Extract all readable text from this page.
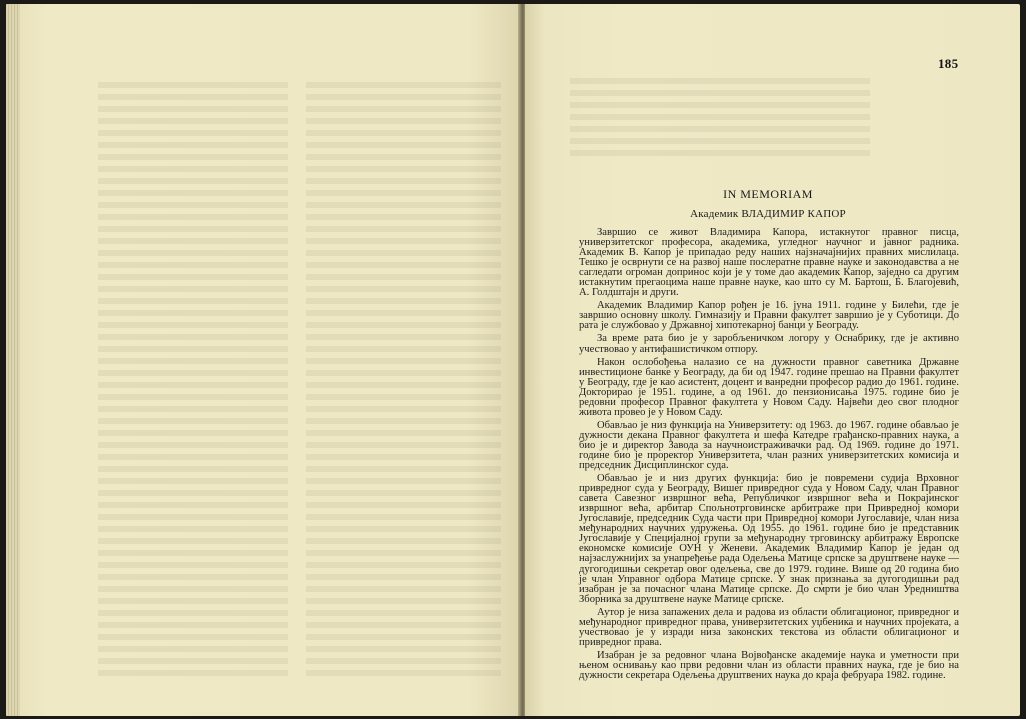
185
IN MEMORIAM
Академик ВЛАДИМИР КАПОР

Завршио се живот Владимира Капора, истакнутог правног писца, универзитетског професора, академика, угледног научног и јавног радника. Академик В. Капор је припадао реду наших најзначајнијих правних мислилаца. Тешко је осврнути се на развој наше послератне правне науке и законодавства а не сагледати огроман допринос који је у томе дао академик Капор, заједно са другим истакнутим прегаоцима наше правне науке, као што су М. Бартош, Б. Благојевић, А. Голдштајн и други.

Академик Владимир Капор рођен је 16. јуна 1911. године у Билећи, где је завршио основну школу. Гимназију и Правни факултет завршио је у Суботици. До рата је службовао у Државној хипотекарној банци у Београду.

За време рата био је у заробљеничком логору у Оснабрику, где је активно учествовао у антифашистичком отпору.

Након ослобођења налазио се на дужности правног саветника Државне инвестиционе банке у Београду, да би од 1947. године прешао на Правни факултет у Београду, где је као асистент, доцент и ванредни професор радио до 1961. године. Докторирао је 1951. године, а од 1961. до пензионисања 1975. године био је редовни професор Правног факултета у Новом Саду. Највећи део свог плодног живота провео је у Новом Саду.

Обављао је низ функција на Универзитету: од 1963. до 1967. године обављао је дужности декана Правног факултета и шефа Катедре грађанско-правних наука, а био је и директор Завода за научноистраживачки рад. Од 1969. године до 1971. године био је проректор Универзитета, члан разних универзитетских комисија и председник Дисциплинског суда.

Обављао је и низ других функција: био је повремени судија Врховног привредног суда у Београду, Вишег привредног суда у Новом Саду, члан Правног савета Савезног извршног већа, Републичког извршног већа и Покрајинског извршног већа, арбитар Спољнотрговинске арбитраже при Привредној комори Југославије, председник Суда части при Привредној комори Југославије, члан низа међународних научних удружења. Од 1955. до 1961. године био је представник Југославије у Специјалној групи за међународну трговинску арбитражу Европске економске комисије ОУН у Женеви. Академик Владимир Капор је један од најзаслужнијих за унапређење рада Одељења Матице српске за друштвене науке — дугогодишњи секретар овог одељења, све до 1979. године. Више од 20 година био је члан Управног одбора Матице српске. У знак признања за дугогодишњи рад изабран је за почасног члана Матице српске. До смрти је био члан Уредништва Зборника за друштвене науке Матице српске.

Аутор је низа запажених дела и радова из области облигационог, привредног и међународног привредног права, универзитетских уџбеника и научних пројеката, а учествовао је у изради низа законских текстова из области облигационог и привредног права.

Изабран је за редовног члана Војвођанске академије наука и уметности при њеном оснивању као први редовни члан из области правних наука, где је био на дужности секретара Одељења друштвених наука до краја фебруара 1982. године.
